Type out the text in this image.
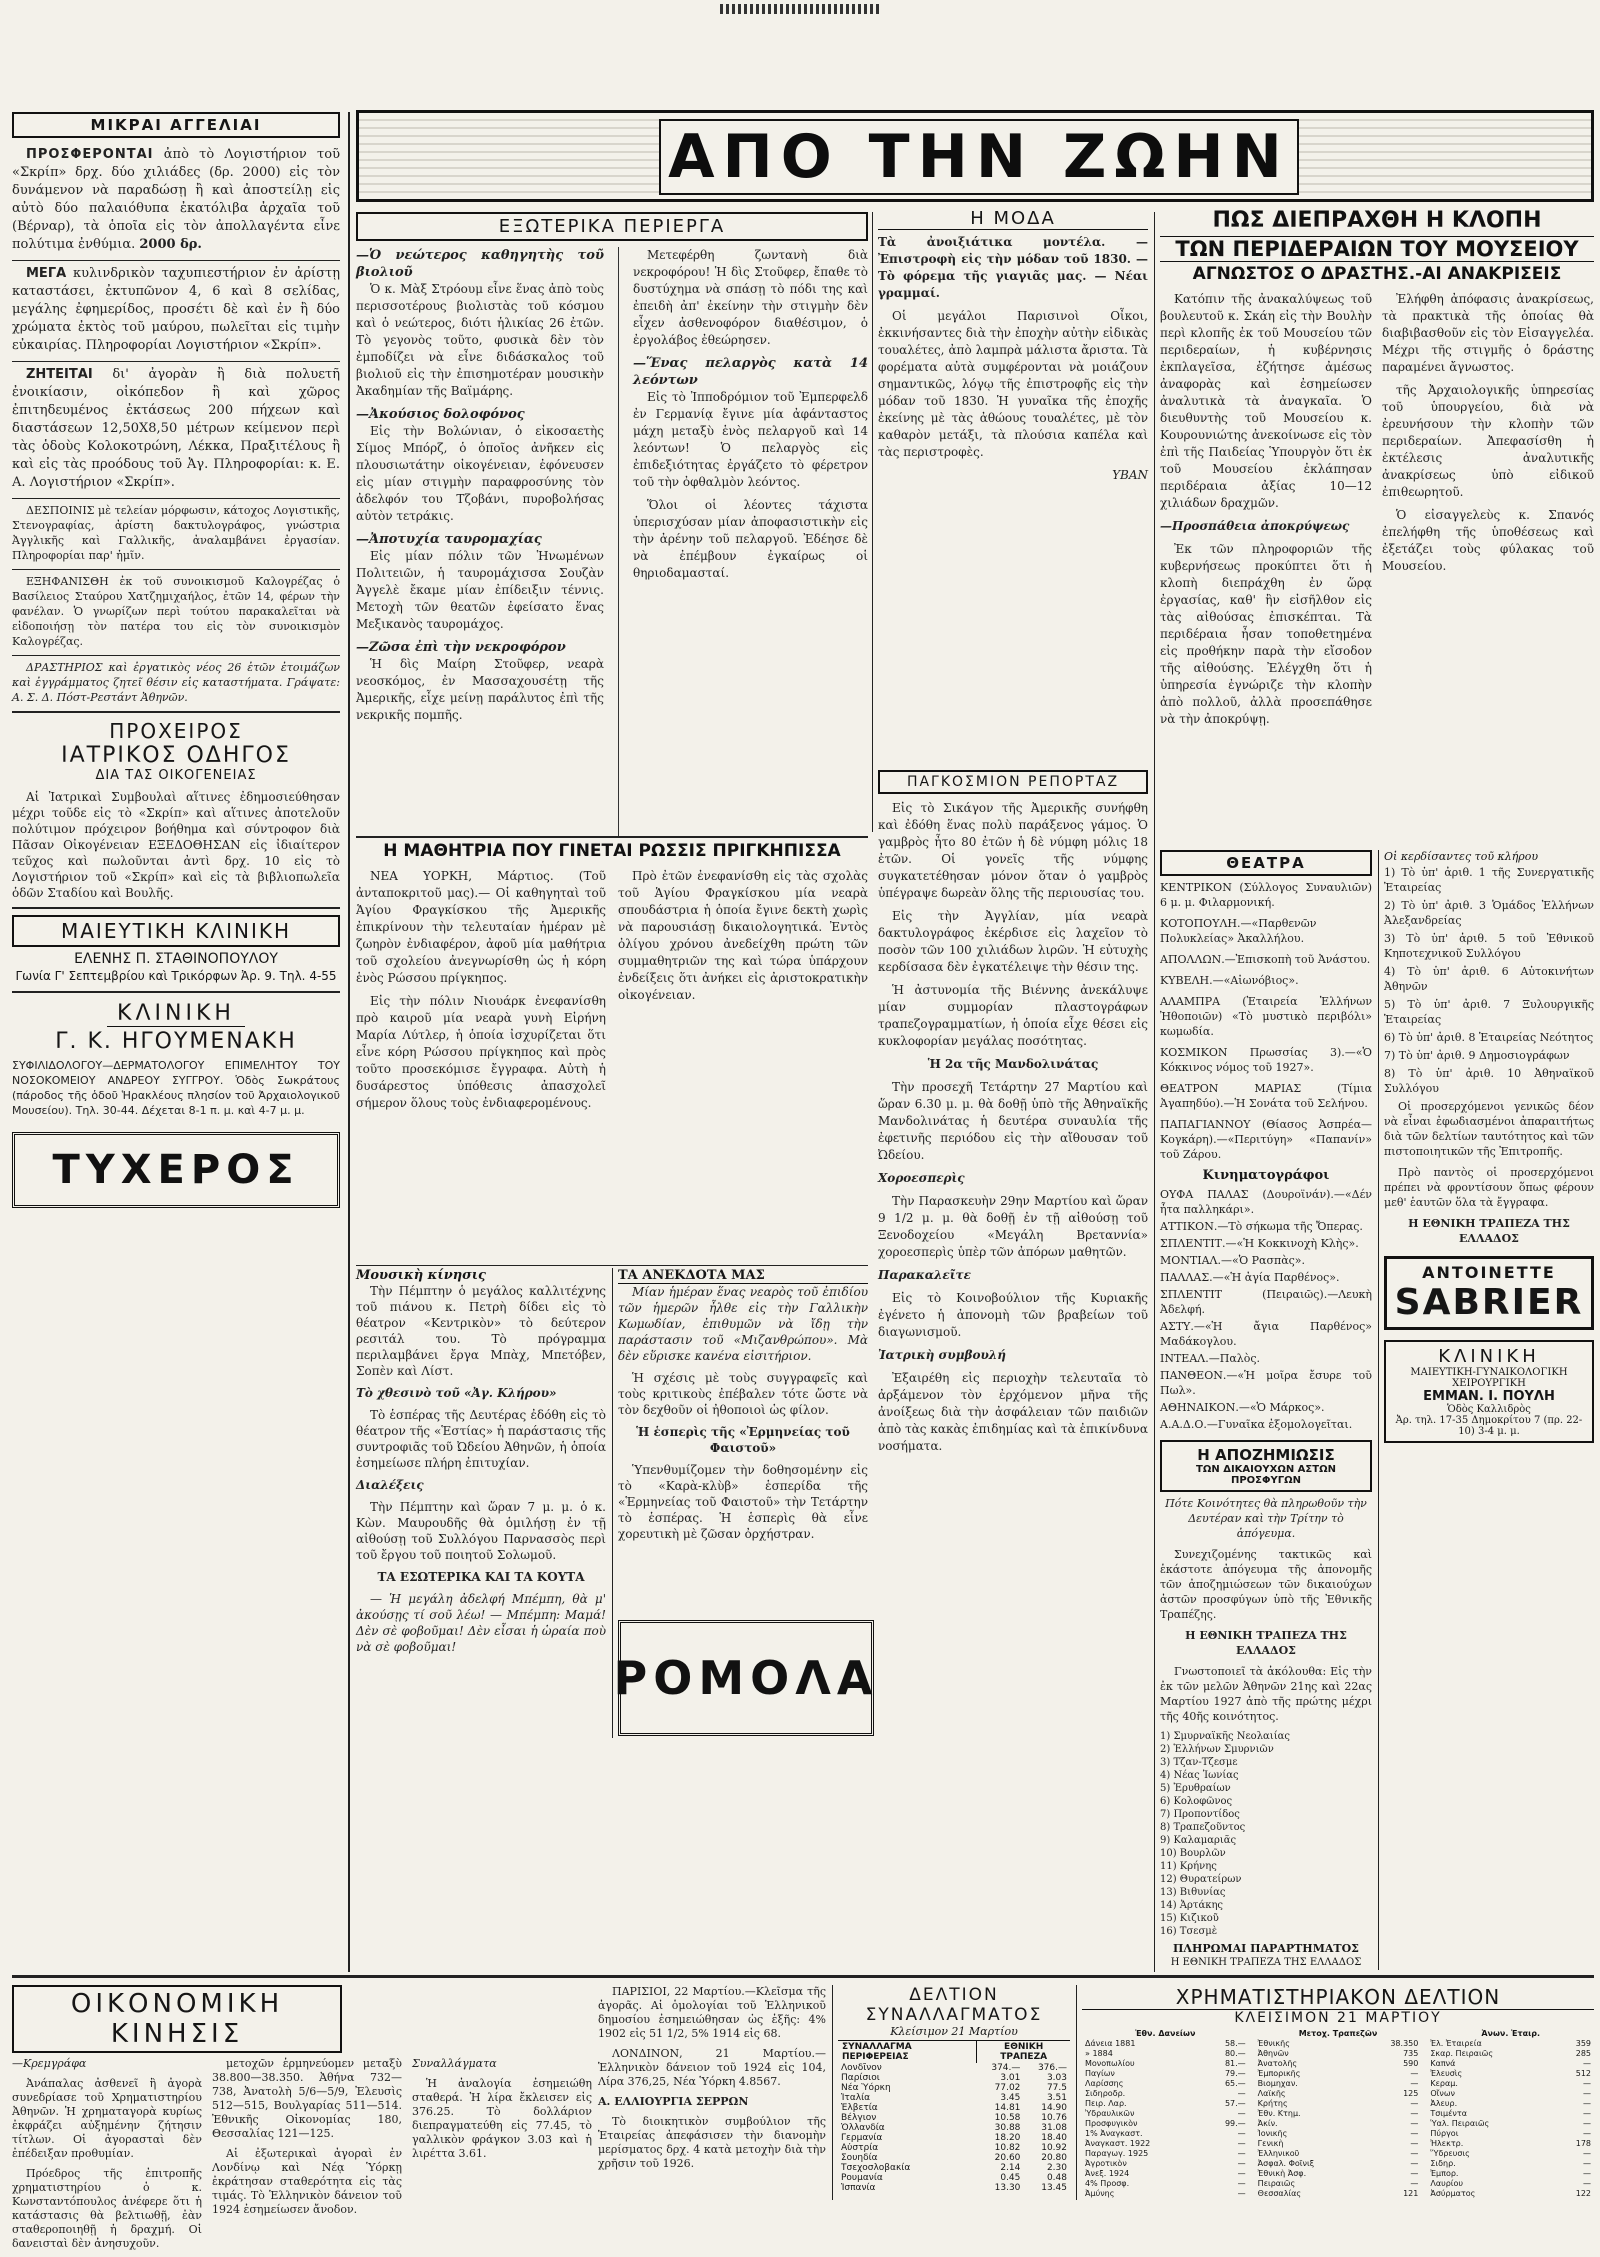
ΜΙΚΡΑΙ ΑΓΓΕΛΙΑΙ

ΠΡΟΣΦΕΡΟΝΤΑΙ ἀπὸ τὸ Λογιστήριον τοῦ «Σκρίπ» δρχ. δύο χιλιάδες (δρ. 2000) εἰς τὸν δυνάμενον νὰ παραδώσῃ ἢ καὶ ἀποστείλῃ εἰς αὐτὸ δύο παλαιόθυπα ἐκατόλιβα ἀρχαῖα τοῦ (Βέρναρ), τὰ ὁποῖα εἰς τὸν ἀπολλαγέντα εἶνε πολύτιμα ἐνθύμια. 2000 δρ.

ΜΕΓΑ κυλινδρικὸν ταχυπιεστήριον ἐν ἀρίστῃ καταστάσει, ἐκτυπῶνον 4, 6 καὶ 8 σελίδας, μεγάλης ἐφημερίδος, προσέτι δὲ καὶ ἐν ἢ δύο χρώματα ἐκτὸς τοῦ μαύρου, πωλεῖται εἰς τιμὴν εὐκαιρίας. Πληροφορίαι Λογιστήριον «Σκρίπ».

ΖΗΤΕΙΤΑΙ δι' ἀγορὰν ἢ διὰ πολυετῆ ἐνοικίασιν, οἰκόπεδον ἢ καὶ χῶρος ἐπιτηδευμένος ἐκτάσεως 200 πήχεων καὶ διαστάσεων 12,50Χ8,50 μέτρων κείμενον περὶ τὰς ὁδοὺς Κολοκοτρώνη, Λέκκα, Πραξιτέλους ἢ καὶ εἰς τὰς προόδους τοῦ Ἀγ. Πληροφορίαι: κ. Ε. Α. Λογιστήριον «Σκρίπ».

ΔΕΣΠΟΙΝΙΣ μὲ τελείαν μόρφωσιν, κάτοχος Λογιστικῆς, Στενογραφίας, ἀρίστη δακτυλογράφος, γνώστρια Ἀγγλικῆς καὶ Γαλλικῆς, ἀναλαμβάνει ἐργασίαν. Πληροφορίαι παρ' ἡμῖν.

ΕΞΗΦΑΝΙΣΘΗ ἐκ τοῦ συνοικισμοῦ Καλογρέζας ὁ Βασίλειος Σταύρου Χατζημιχαήλος, ἐτῶν 14, φέρων τὴν φανέλαν. Ὁ γνωρίζων περὶ τούτου παρακαλεῖται νὰ εἰδοποιήσῃ τὸν πατέρα του εἰς τὸν συνοικισμὸν Καλογρέζας.

ΔΡΑΣΤΗΡΙΟΣ καὶ ἐργατικὸς νέος 26 ἐτῶν ἐτοιμάζων καὶ ἐγγράμματος ζητεῖ θέσιν εἰς καταστήματα. Γράψατε: Α. Σ. Δ. Πόστ-Ρεστάντ Ἀθηνῶν.

ΠΡΟΧΕΙΡΟΣ
ΙΑΤΡΙΚΟΣ ΟΔΗΓΟΣ
ΔΙΑ ΤΑΣ ΟΙΚΟΓΕΝΕΙΑΣ

Αἱ Ἰατρικαὶ Συμβουλαὶ αἵτινες ἐδημοσιεύθησαν μέχρι τοῦδε εἰς τὸ «Σκρίπ» καὶ αἵτινες ἀποτελοῦν πολύτιμον πρόχειρον βοήθημα καὶ σύντροφον διὰ Πᾶσαν Οἰκογένειαν ΕΞΕΔΟΘΗΣΑΝ εἰς ἰδιαίτερον τεῦχος καὶ πωλοῦνται ἀντὶ δρχ. 10 εἰς τὸ Λογιστήριον τοῦ «Σκρίπ» καὶ εἰς τὰ βιβλιοπωλεῖα ὁδῶν Σταδίου καὶ Βουλῆς.

ΜΑΙΕΥΤΙΚΗ ΚΛΙΝΙΚΗ
ΕΛΕΝΗΣ Π. ΣΤΑΘΙΝΟΠΟΥΛΟΥ
Γωνία Γ' Σεπτεμβρίου καὶ Τρικόρφων Ἀρ. 9. Τηλ. 4-55
ΚΛΙΝΙΚΗ
Γ. Κ. ΗΓΟΥΜΕΝΑΚΗ
ΣΥΦΙΛΙΔΟΛΟΓΟΥ—ΔΕΡΜΑΤΟΛΟΓΟΥ ΕΠΙΜΕΛΗΤΟΥ ΤΟΥ ΝΟΣΟΚΟΜΕΙΟΥ ΑΝΔΡΕΟΥ ΣΥΓΓΡΟΥ. Ὁδὸς Σωκράτους (πάροδος τῆς ὁδοῦ Ἡρακλέους πλησίον τοῦ Ἀρχαιολογικοῦ Μουσείου). Τηλ. 30-44. Δέχεται 8-1 π. μ. καὶ 4-7 μ. μ.
ΤΥΧΕΡΟΣ
ΑΠΟ ΤΗΝ ΖΩΗΝ
ΕΞΩΤΕΡΙΚΑ ΠΕΡΙΕΡΓΑ
—Ὁ νεώτερος καθηγητὴς τοῦ βιολιοῦ

Ὁ κ. Μὰξ Στρόουμ εἶνε ἕνας ἀπὸ τοὺς περισσοτέρους βιολιστὰς τοῦ κόσμου καὶ ὁ νεώτερος, διότι ἡλικίας 26 ἐτῶν. Τὸ γεγονὸς τοῦτο, φυσικὰ δὲν τὸν ἐμποδίζει νὰ εἶνε διδάσκαλος τοῦ βιολιοῦ εἰς τὴν ἐπισημοτέραν μουσικὴν Ἀκαδημίαν τῆς Βαϊμάρης.

—Ἀκούσιος δολοφόνος

Εἰς τὴν Βολώνιαν, ὁ εἰκοσαετὴς Σίμος Μπόρζ, ὁ ὁποῖος ἀνῆκεν εἰς πλουσιωτάτην οἰκογένειαν, ἐφόνευσεν εἰς μίαν στιγμὴν παραφροσύνης τὸν ἀδελφόν του Τζοβάνι, πυροβολήσας αὐτὸν τετράκις.

—Ἀποτυχία ταυρομαχίας

Εἰς μίαν πόλιν τῶν Ἡνωμένων Πολιτειῶν, ἡ ταυρομάχισσα Σουζὰν Ἀγγελὲ ἔκαμε μίαν ἐπίδειξιν τέννις. Μετοχὴ τῶν θεατῶν ἐφείσατο ἕνας Μεξικανὸς ταυρομάχος.

—Ζῶσα ἐπὶ τὴν νεκροφόρον

Ἡ δὶς Μαίρη Στοῦφερ, νεαρὰ νεοσκόμος, ἐν Μασσαχουσέτῃ τῆς Ἀμερικῆς, εἶχε μείνῃ παράλυτος ἐπὶ τῆς νεκρικῆς πομπῆς.

Μετεφέρθη ζωντανὴ διὰ νεκροφόρου! Ἡ δὶς Στοῦφερ, ἔπαθε τὸ δυστύχημα νὰ σπάσῃ τὸ πόδι της καὶ ἐπειδὴ ἀπ' ἐκείνην τὴν στιγμὴν δὲν εἶχεν ἀσθενοφόρον διαθέσιμον, ὁ ἐργολάβος ἐθεώρησεν.

—Ἕνας πελαργὸς κατὰ 14 λεόντων

Εἰς τὸ Ἰπποδρόμιον τοῦ Ἐμπερφελδ ἐν Γερμανίᾳ ἔγινε μία ἀφάνταστος μάχη μεταξὺ ἑνὸς πελαργοῦ καὶ 14 λεόντων! Ὁ πελαργὸς εἰς ἐπιδεξιότητας ἐργάζετο τὸ φέρετρον τοῦ τὴν ὀφθαλμὸν λεόντος.

Ὅλοι οἱ λέοντες τάχιστα ὑπερισχύσαν μίαν ἀποφασιστικὴν εἰς τὴν ἀρένην τοῦ πελαργοῦ. Ἐδέησε δὲ νὰ ἐπέμβουν ἐγκαίρως οἱ θηριοδαμασταί.

Η ΜΟΔΑ

Τὰ ἀνοιξιάτικα μοντέλα. — Ἐπιστροφὴ εἰς τὴν μόδαν τοῦ 1830. — Τὸ φόρεμα τῆς γιαγιᾶς μας. — Νέαι γραμμαί.

Οἱ μεγάλοι Παρισινοὶ Οἶκοι, ἐκκινήσαντες διὰ τὴν ἐποχὴν αὐτὴν εἰδικὰς τουαλέτες, ἀπὸ λαμπρὰ μάλιστα ἄριστα. Τὰ φορέματα αὐτὰ συμφέρονται νὰ μοιάζουν σημαντικῶς, λόγῳ τῆς ἐπιστροφῆς εἰς τὴν μόδαν τοῦ 1830. Ἡ γυναῖκα τῆς ἐποχῆς ἐκείνης μὲ τὰς ἀθώους τουαλέτες, μὲ τὸν καθαρὸν μετάξι, τὰ πλούσια καπέλα καὶ τὰς περιστροφὲς.

ΥΒΑΝ

ΠΑΓΚΟΣΜΙΟΝ ΡΕΠΟΡΤΑΖ

Εἰς τὸ Σικάγον τῆς Ἀμερικῆς συνήφθη καὶ ἐδόθη ἕνας πολὺ παράξενος γάμος. Ὁ γαμβρὸς ἦτο 80 ἐτῶν ἡ δὲ νύμφη μόλις 18 ἐτῶν. Οἱ γονεῖς τῆς νύμφης συγκατετέθησαν μόνον ὅταν ὁ γαμβρὸς ὑπέγραψε δωρεὰν ὅλης τῆς περιουσίας του.

Εἰς τὴν Ἀγγλίαν, μία νεαρὰ δακτυλογράφος ἐκέρδισε εἰς λαχεῖον τὸ ποσὸν τῶν 100 χιλιάδων λιρῶν. Ἡ εὐτυχὴς κερδίσασα δὲν ἐγκατέλειψε τὴν θέσιν της.

Ἡ ἀστυνομία τῆς Βιέννης ἀνεκάλυψε μίαν συμμορίαν πλαστογράφων τραπεζογραμματίων, ἡ ὁποία εἶχε θέσει εἰς κυκλοφορίαν μεγάλας ποσότητας.

Ἡ 2α τῆς Μανδολινάτας

Τὴν προσεχῆ Τετάρτην 27 Μαρτίου καὶ ὥραν 6.30 μ. μ. θὰ δοθῇ ὑπὸ τῆς Ἀθηναϊκῆς Μανδολινάτας ἡ δευτέρα συναυλία τῆς ἐφετινῆς περιόδου εἰς τὴν αἴθουσαν τοῦ Ὠδείου.

Χοροεσπερὶς

Τὴν Παρασκευὴν 29ην Μαρτίου καὶ ὥραν 9 1/2 μ. μ. θὰ δοθῇ ἐν τῇ αἰθούσῃ τοῦ Ξενοδοχείου «Μεγάλη Βρεταννία» χοροεσπερὶς ὑπὲρ τῶν ἀπόρων μαθητῶν.

Παρακαλεῖτε

Εἰς τὸ Κοινοβούλιον τῆς Κυριακῆς ἐγένετο ἡ ἀπονομὴ τῶν βραβείων τοῦ διαγωνισμοῦ.

Ἰατρικὴ συμβουλή

Ἐξαιρέθη εἰς περιοχὴν τελευταῖα τὸ ἀρξάμενον τὸν ἐρχόμενον μῆνα τῆς ἀνοίξεως διὰ τὴν ἀσφάλειαν τῶν παιδιῶν ἀπὸ τὰς κακὰς ἐπιδημίας καὶ τὰ ἐπικίνδυνα νοσήματα.

ΠΩΣ ΔΙΕΠΡΑΧΘΗ Η ΚΛΟΠΗ
ΤΩΝ ΠΕΡΙΔΕΡΑΙΩΝ ΤΟΥ ΜΟΥΣΕΙΟΥ
ΑΓΝΩΣΤΟΣ Ο ΔΡΑΣΤΗΣ.-ΑΙ ΑΝΑΚΡΙΣΕΙΣ

Κατόπιν τῆς ἀνακαλύψεως τοῦ βουλευτοῦ κ. Σκάη εἰς τὴν Βουλὴν περὶ κλοπῆς ἐκ τοῦ Μουσείου τῶν περιδεραίων, ἡ κυβέρνησις ἐκπλαγεῖσα, ἐζήτησε ἀμέσως ἀναφορὰς καὶ ἐσημείωσεν ἀναλυτικὰ τὰ ἀναγκαῖα. Ὁ διευθυντὴς τοῦ Μουσείου κ. Κουρουνιώτης ἀνεκοίνωσε εἰς τὸν ἐπὶ τῆς Παιδείας Ὑπουργὸν ὅτι ἐκ τοῦ Μουσείου ἐκλάπησαν περιδέραια ἀξίας 10—12 χιλιάδων δραχμῶν.

—Προσπάθεια ἀποκρύψεως

Ἐκ τῶν πληροφοριῶν τῆς κυβερνήσεως προκύπτει ὅτι ἡ κλοπὴ διεπράχθη ἐν ὥρᾳ ἐργασίας, καθ' ἣν εἰσῆλθον εἰς τὰς αἰθούσας ἐπισκέπται. Τὰ περιδέραια ἦσαν τοποθετημένα εἰς προθήκην παρὰ τὴν εἴσοδον τῆς αἰθούσης. Ἐλέγχθη ὅτι ἡ ὑπηρεσία ἐγνώριζε τὴν κλοπὴν ἀπὸ πολλοῦ, ἀλλὰ προσεπάθησε νὰ τὴν ἀποκρύψῃ.

Ἐλήφθη ἀπόφασις ἀνακρίσεως, τὰ πρακτικὰ τῆς ὁποίας θὰ διαβιβασθοῦν εἰς τὸν Εἰσαγγελέα. Μέχρι τῆς στιγμῆς ὁ δράστης παραμένει ἄγνωστος.

τῆς Ἀρχαιολογικῆς ὑπηρεσίας τοῦ ὑπουργείου, διὰ νὰ ἐρευνήσουν τὴν κλοπὴν τῶν περιδεραίων. Ἀπεφασίσθη ἡ ἐκτέλεσις ἀναλυτικῆς ἀνακρίσεως ὑπὸ εἰδικοῦ ἐπιθεωρητοῦ.

Ὁ εἰσαγγελεὺς κ. Σπανός ἐπελήφθη τῆς ὑποθέσεως καὶ ἐξετάζει τοὺς φύλακας τοῦ Μουσείου.

ΘΕΑΤΡΑ

ΚΕΝΤΡΙΚΟΝ (Σύλλογος Συναυλιῶν) 6 μ. μ. Φιλαρμονική.

ΚΟΤΟΠΟΥΛΗ.—«Παρθενῶν Πολυκλείας» Ἀκαλλήλου.

ΑΠΟΛΛΩΝ.—Ἐπισκοπὴ τοῦ Ἀνάστου.

ΚΥΒΕΛΗ.—«Αἰωνόβιος».

ΑΛΑΜΠΡΑ (Ἑταιρεία Ἑλλήνων Ἠθοποιῶν) «Τὸ μυστικὸ περιβόλι» κωμωδία.

ΚΟΣΜΙΚΟΝ Πρωσσίας 3).—«Ὁ Κόκκινος νόμος τοῦ 1927».

ΘΕΑΤΡΟΝ ΜΑΡΙΑΣ (Τίμια Ἀγαπηδύο).—Ἡ Σονάτα τοῦ Σελήνου.

ΠΑΠΑΓΙΑΝΝΟΥ (Θίασος Ἀσπρέα—Κογκάρη).—«Περιτύγη» «Παπανίν» τοῦ Ζάρου.

Κινηματογράφοι

ΟΥΦΑ ΠΑΛΑΣ (Δουροϊνάν).—«Δέν ἦτα παλληκάρι».

ΑΤΤΙΚΟΝ.—Τὸ σήκωμα τῆς Ὄπερας.

ΣΠΛΕΝΤΙΤ.—«Ἡ Κοκκινοχὴ Κλὴς».

ΜΟΝΤΙΑΛ.—«Ὁ Ρασπὰς».

ΠΑΛΛΑΣ.—«Ἡ ἀγία Παρθένος».

ΣΠΛΕΝΤΙΤ (Πειραιῶς).—Λευκὴ Ἀδελφή.

ΑΣΤΥ.—«Ἡ ἄγια Παρθένος» Μαδάκογλου.

ΙΝΤΕΑΛ.—Παλὸς.

ΠΑΝΘΕΟΝ.—«Ἡ μοῖρα ἔσυρε τοῦ Πωλ».

ΑΘΗΝΑΙΚΟΝ.—«Ὁ Μάρκος».

Α.Α.Δ.Ο.—Γυναῖκα ἐξομολογεῖται.

Η ΑΠΟΖΗΜΙΩΣΙΣ
ΤΩΝ ΔΙΚΑΙΟΥΧΩΝ ΑΣΤΩΝ ΠΡΟΣΦΥΓΩΝ

Πότε Κοινότητες θὰ πληρωθοῦν τὴν Δευτέραν καὶ τὴν Τρίτην τὸ ἀπόγευμα.

Συνεχιζομένης τακτικῶς καὶ ἑκάστοτε ἀπόγευμα τῆς ἀπονομῆς τῶν ἀποζημιώσεων τῶν δικαιούχων ἀστῶν προσφύγων ὑπὸ τῆς Ἐθνικῆς Τραπέζης.

Η ΕΘΝΙΚΗ ΤΡΑΠΕΖΑ ΤΗΣ ΕΛΛΑΔΟΣ

Γνωστοποιεῖ τὰ ἀκόλουθα: Εἰς τὴν ἐκ τῶν μελῶν Ἀθηνῶν 21ης καὶ 22ας Μαρτίου 1927 ἀπὸ τῆς πρώτης μέχρι τῆς 40ῆς κοινότητος.

1) Σμυρναϊκῆς Νεολαιίας
2) Ἑλλήνων Σμυρνιῶν
3) Τζαν-Τζεσμε
4) Νέας Ἰωνίας
5) Ἐρυθραίων
6) Κολοφῶνος
7) Προποντίδος
8) Τραπεζοῦντος
9) Καλαμαριᾶς
10) Βουρλῶν
11) Κρήνης
12) Θυρατείρων
13) Βιθυνίας
14) Ἀρτάκης
15) Κιζικοῦ
16) Τσεσμὲ
ΠΛΗΡΩΜΑΙ ΠΑΡΑΡΤΗΜΑΤΟΣ
Η ΕΘΝΙΚΗ ΤΡΑΠΕΖΑ ΤΗΣ ΕΛΛΑΔΟΣ
Οἱ κερδίσαντες τοῦ κλήρου

1) Τὸ ὑπ' ἀριθ. 1 τῆς Συνεργατικῆς Ἐταιρείας

2) Τὸ ὑπ' ἀριθ. 3 Ὁμάδος Ἐλλήνων Ἀλεξανδρείας

3) Τὸ ὑπ' ἀριθ. 5 τοῦ Ἐθνικοῦ Κηποτεχνικοῦ Συλλόγου

4) Τὸ ὑπ' ἀριθ. 6 Αὐτοκινήτων Ἀθηνῶν

5) Τὸ ὑπ' ἀριθ. 7 Ξυλουργικῆς Ἑταιρείας

6) Τὸ ὑπ' ἀριθ. 8 Ἑταιρείας Νεότητος

7) Τὸ ὑπ' ἀριθ. 9 Δημοσιογράφων

8) Τὸ ὑπ' ἀριθ. 10 Ἀθηναϊκοῦ Συλλόγου

Οἱ προσερχόμενοι γενικῶς δέον νὰ εἶναι ἐφωδιασμένοι ἀπαραιτήτως διὰ τῶν δελτίων ταυτότητος καὶ τῶν πιστοποιητικῶν τῆς Ἐπιτροπῆς.

Πρὸ παντὸς οἱ προσερχόμενοι πρέπει νὰ φροντίσουν ὅπως φέρουν μεθ' ἑαυτῶν ὅλα τὰ ἔγγραφα.

Η ΕΘΝΙΚΗ ΤΡΑΠΕΖΑ ΤΗΣ ΕΛΛΑΔΟΣ

ANTOINETTE
SABRIER
ΚΛΙΝΙΚΗ
ΜΑΙΕΥΤΙΚΗ-ΓΥΝΑΙΚΟΛΟΓΙΚΗ ΧΕΙΡΟΥΡΓΙΚΗ
ΕΜΜΑΝ. Ι. ΠΟΥΛΗ
Ὁδὸς Καλλιδρὸς
Ἀρ. τηλ. 17-35 Δημοκρίτου 7 (πρ. 22-10) 3-4 μ. μ.
Η ΜΑΘΗΤΡΙΑ ΠΟΥ ΓΙΝΕΤΑΙ ΡΩΣΣΙΣ ΠΡΙΓΚΗΠΙΣΣΑ

ΝΕΑ ΥΟΡΚΗ, Μάρτιος. (Τοῦ ἀνταποκριτοῦ μας).— Οἱ καθηγηταὶ τοῦ Ἁγίου Φραγκίσκου τῆς Ἀμερικῆς ἐπικρίνουν τὴν τελευταίαν ἡμέραν μὲ ζωηρὸν ἐνδιαφέρον, ἀφοῦ μία μαθήτρια τοῦ σχολείου ἀνεγνωρίσθη ὡς ἡ κόρη ἑνὸς Ρώσσου πρίγκηπος.

Εἰς τὴν πόλιν Νιουάρκ ἐνεφανίσθη πρὸ καιροῦ μία νεαρὰ γυνὴ Εἰρήνη Μαρία Λύτλερ, ἡ ὁποία ἰσχυρίζεται ὅτι εἶνε κόρη Ρώσσου πρίγκηπος καὶ πρὸς τοῦτο προσεκόμισε ἔγγραφα. Αὐτὴ ἡ δυσάρεστος ὑπόθεσις ἀπασχολεῖ σήμερον ὅλους τοὺς ἐνδιαφερομένους.

Πρὸ ἐτῶν ἐνεφανίσθη εἰς τὰς σχολὰς τοῦ Ἁγίου Φραγκίσκου μία νεαρὰ σπουδάστρια ἡ ὁποία ἔγινε δεκτὴ χωρὶς νὰ παρουσιάσῃ δικαιολογητικά. Ἐντὸς ὀλίγου χρόνου ἀνεδείχθη πρώτη τῶν συμμαθητριῶν της καὶ τώρα ὑπάρχουν ἐνδείξεις ὅτι ἀνήκει εἰς ἀριστοκρατικὴν οἰκογένειαν.

Μουσικὴ κίνησις

Τὴν Πέμπτην ὁ μεγάλος καλλιτέχνης τοῦ πιάνου κ. Πετρὴ δίδει εἰς τὸ θέατρον «Κεντρικὸν» τὸ δεύτερον ρεσιτάλ του. Τὸ πρόγραμμα περιλαμβάνει ἔργα Μπὰχ, Μπετόβεν, Σοπὲν καὶ Λίστ.

Τὸ χθεσινὸ τοῦ «Ἀγ. Κλήρου»

Τὸ ἑσπέρας τῆς Δευτέρας ἐδόθη εἰς τὸ θέατρον τῆς «Ἑστίας» ἡ παράστασις τῆς συντροφιᾶς τοῦ Ὠδείου Ἀθηνῶν, ἡ ὁποία ἐσημείωσε πλήρη ἐπιτυχίαν.

Διαλέξεις

Τὴν Πέμπτην καὶ ὥραν 7 μ. μ. ὁ κ. Κὼν. Μαυρουδῆς θὰ ὁμιλήσῃ ἐν τῇ αἰθούσῃ τοῦ Συλλόγου Παρνασσὸς περὶ τοῦ ἔργου τοῦ ποιητοῦ Σολωμοῦ.

ΤΑ ΕΣΩΤΕΡΙΚΑ ΚΑΙ ΤΑ ΚΟΥΤΑ

— Ἡ μεγάλη ἀδελφή Μπέμπη, θὰ μ' ἀκούσῃς τί σοῦ λέω! — Μπέμπη: Μαμά! Δὲν σὲ φοβοῦμαι! Δὲν εἶσαι ἡ ὡραία ποὺ νὰ σὲ φοβοῦμαι!

ΤΑ ΑΝΕΚΔΟΤΑ ΜΑΣ

Μίαν ἡμέραν ἕνας νεαρὸς τοῦ ἐπιδίου τῶν ἡμερῶν ἦλθε εἰς τὴν Γαλλικὴν Κωμωδίαν, ἐπιθυμῶν νὰ ἴδῃ τὴν παράστασιν τοῦ «Μιζανθρώπου». Μὰ δὲν εὕρισκε κανένα εἰσιτήριον.

Ἡ σχέσις μὲ τοὺς συγγραφεῖς καὶ τοὺς κριτικοὺς ἐπέβαλεν τότε ὥστε νὰ τὸν δεχθοῦν οἱ ἠθοποιοὶ ὡς φίλον.

Ἡ ἑσπερὶς τῆς «Ἐρμηνείας τοῦ Φαιστοῦ»

Ὑπενθυμίζομεν τὴν δοθησομένην εἰς τὸ «Καρὰ-κλὺβ» ἑσπερίδα τῆς «Ἑρμηνείας τοῦ Φαιστοῦ» τὴν Τετάρτην τὸ ἑσπέρας. Ἡ ἑσπερὶς θὰ εἶνε χορευτικὴ μὲ ζῶσαν ὀρχήστραν.

ΡΟΜΟΛΑ
ΟΙΚΟΝΟΜΙΚΗ ΚΙΝΗΣΙΣ

—Κρεμγράφα

Ἀνάπαλας ἀσθενεῖ ἢ ἀγορὰ συνεδρίασε τοῦ Χρηματιστηρίου Ἀθηνῶν. Ἡ χρηματαγορὰ κυρίως ἐκφράζει αὐξημένην ζήτησιν τίτλων. Οἱ ἀγορασταὶ δὲν ἐπέδειξαν προθυμίαν.

Πρόεδρος τῆς ἐπιτροπῆς χρηματιστηρίου ὁ κ. Κωνσταντόπουλος ἀνέφερε ὅτι ἡ κατάστασις θὰ βελτιωθῇ, ἐὰν σταθεροποιηθῇ ἡ δραχμή. Οἱ δανεισταὶ δὲν ἀνησυχοῦν.

μετοχῶν ἑρμηνεύομεν μεταξὺ 38.800—38.350. Ἀθήνα 732—738, Ἀνατολὴ 5/6—5/9, Ἐλευσὶς 512—515, Βουλγαρίας 511—514. Ἐθνικῆς Οἰκονομίας 180, Θεσσαλίας 121—125.

Αἱ ἐξωτερικαὶ ἀγοραὶ ἐν Λονδίνῳ καὶ Νέᾳ Ὑόρκῃ ἐκράτησαν σταθερότητα εἰς τὰς τιμάς. Τὸ Ἑλληνικὸν δάνειον τοῦ 1924 ἐσημείωσεν ἄνοδον.

Συναλλάγματα

Ἡ ἀναλογία ἐσημειώθη σταθερά. Ἡ λίρα ἔκλεισεν εἰς 376.25. Τὸ δολλάριον διεπραγματεύθη εἰς 77.45, τὸ γαλλικὸν φράγκον 3.03 καὶ ἡ λιρέττα 3.61.

ΠΑΡΙΣΙΟΙ, 22 Μαρτίου.—Κλεῖσμα τῆς ἀγορᾶς. Αἱ ὁμολογίαι τοῦ Ἑλληνικοῦ δημοσίου ἐσημειώθησαν ὡς ἑξῆς: 4% 1902 εἰς 51 1/2, 5% 1914 εἰς 68.

ΛΟΝΔΙΝΟΝ, 21 Μαρτίου.—Ἑλληνικὸν δάνειον τοῦ 1924 εἰς 104, Λίρα 376,25, Νέα Ὑόρκη 4.8567.

Α. ΕΛΛΙΟΥΡΓΙΑ ΣΕΡΡΩΝ

Τὸ διοικητικὸν συμβούλιον τῆς Ἑταιρείας ἀπεφάσισεν τὴν διανομὴν μερίσματος δρχ. 4 κατὰ μετοχὴν διὰ τὴν χρῆσιν τοῦ 1926.

ΔΕΛΤΙΟΝ
ΣΥΝΑΛΛΑΓΜΑΤΟΣ
Κλείσιμον 21 Μαρτίου
ΣΥΝΑΛΛΑΓΜΑ ΠΕΡΙΦΕΡΕΙΑΣ	ΕΘΝΙΚΗ ΤΡΑΠΕΖΑ	
Λονδῖνον	374.—	376.—
Παρίσιοι	3.01	3.03
Νέα Ὑόρκη	77.02	77.5
Ἰταλία	3.45	3.51
Ἑλβετία	14.81	14.90
Βέλγιον	10.58	10.76
Ὁλλανδία	30.88	31.08
Γερμανία	18.20	18.40
Αὐστρία	10.82	10.92
Σουηδία	20.60	20.80
Τσεχοσλοβακία	2.14	2.30
Ρουμανία	0.45	0.48
Ἰσπανία	13.30	13.45
ΧΡΗΜΑΤΙΣΤΗΡΙΑΚΟΝ ΔΕΛΤΙΟΝ
ΚΛΕΙΣΙΜΟΝ 21 ΜΑΡΤΙΟΥ
Ἐθν. Δανείων	
Δάνεια 1881	58.—
» 1884	80.—
Μονοπωλίου	81.—
Παγίων	79.—
Λαρίσσης	65.—
Σιδηροδρ.	—
Πειρ. Λαρ.	57.—
Ὑδραυλικῶν	—
Προσφυγικὸν	99.—
1% Ἀναγκαστ.	—
Ἀναγκαστ. 1922	—
Παραγωγ. 1925	—
Ἀγροτικὸν	—
Ἀνεξ. 1924	—
4% Προσφ.	—
Ἀμύνης	—
Μετοχ. Τραπεζῶν	
Ἐθνικῆς	38.350
Ἀθηνῶν	735
Ἀνατολῆς	590
Ἐμπορικῆς	—
Βιομηχαν.	—
Λαϊκῆς	125
Κρήτης	—
Ἐθν. Κτημ.	—
Ἀκίν.	—
Ἰονικῆς	—
Γενικὴ	—
Ἐλληνικοῦ	—
Ἀσφαλ. Φοῖνιξ	—
Ἐθνικὴ Ἀσφ.	—
Πειραιῶς	—
Θεσσαλίας	121
Ἀνων. Ἑταιρ.	
Ἐλ. Ἐταιρεία	359
Σκαρ. Πειραιῶς	285
Καπνά	—
Ἐλευσὶς	512
Κεραμ.	—
Οἴνων	—
Ἀλευρ.	—
Τσιμέντα	—
Ὑαλ. Πειραιῶς	—
Πύργοι	—
Ἠλεκτρ.	178
Ὕδρευσις	—
Σιδηρ.	—
Ἐμπορ.	—
Λαυρίου	—
Ἀσύρματος	122
